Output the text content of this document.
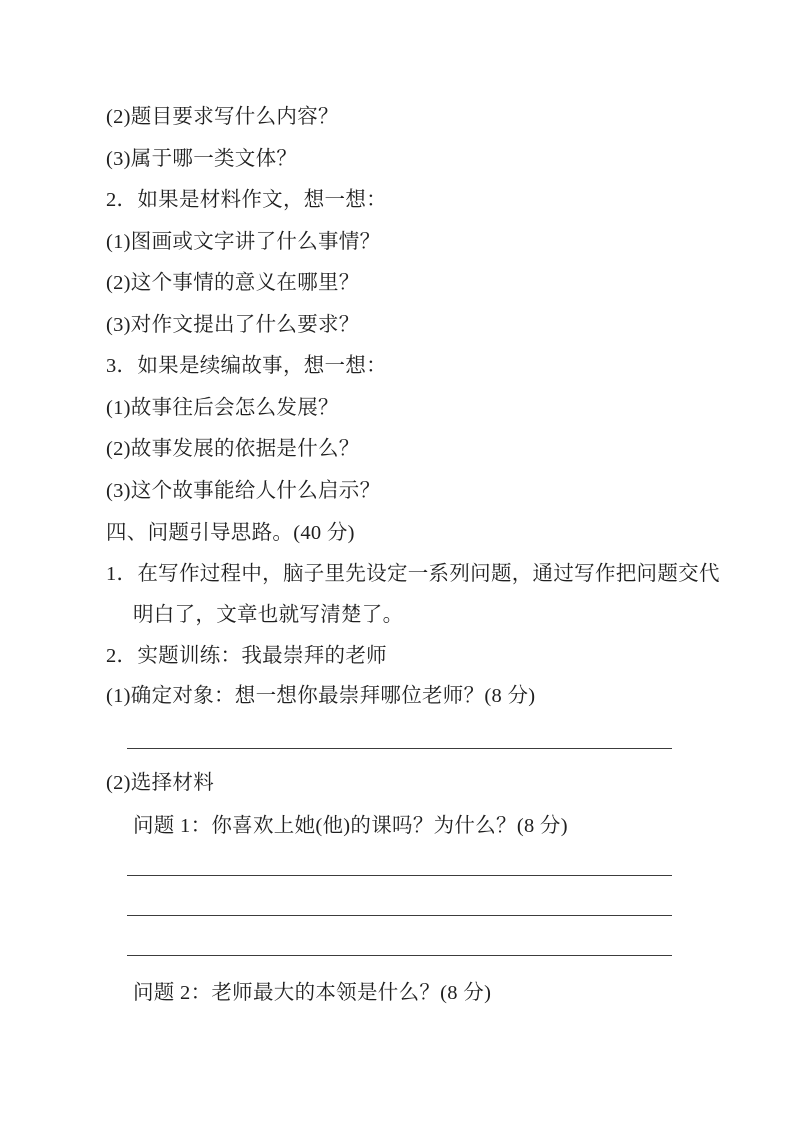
(2)题目要求写什么内容？
(3)属于哪一类文体？
2．如果是材料作文，想一想：
(1)图画或文字讲了什么事情？
(2)这个事情的意义在哪里？
(3)对作文提出了什么要求？
3．如果是续编故事，想一想：
(1)故事往后会怎么发展？
(2)故事发展的依据是什么？
(3)这个故事能给人什么启示？
四、问题引导思路。(40 分)
1．在写作过程中，脑子里先设定一系列问题，通过写作把问题交代
明白了，文章也就写清楚了。
2．实题训练：我最崇拜的老师
(1)确定对象：想一想你最崇拜哪位老师？(8 分)
(2)选择材料
问题 1：你喜欢上她(他)的课吗？为什么？(8 分)
问题 2：老师最大的本领是什么？(8 分)
